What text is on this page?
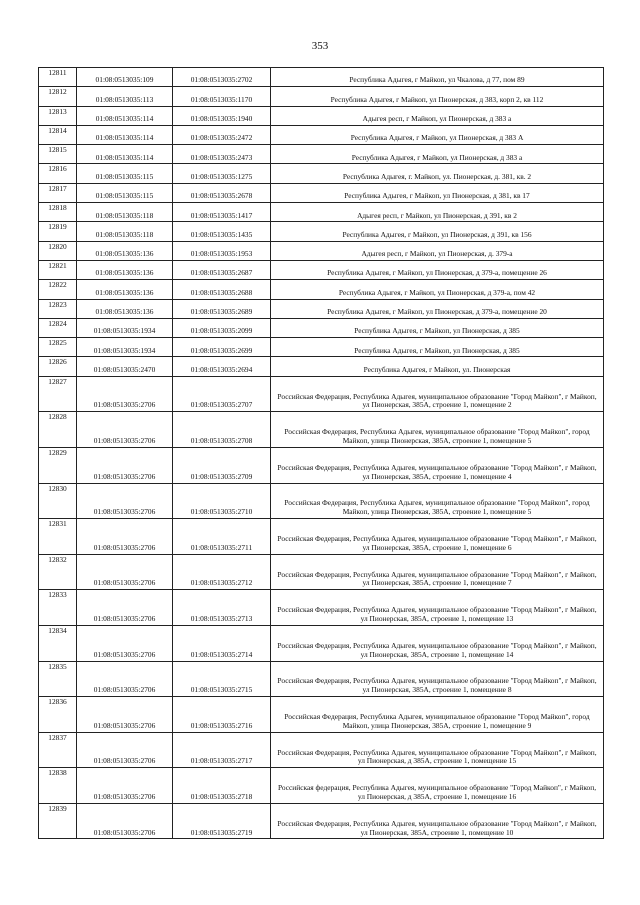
353
12811	01:08:0513035:109	01:08:0513035:2702	Республика Адыгея, г Майкоп, ул Чкалова, д 77, пом 89
12812	01:08:0513035:113	01:08:0513035:1170	Республика Адыгея, г Майкоп, ул Пионерская, д 383, корп 2, кв 112
12813	01:08:0513035:114	01:08:0513035:1940	Адыгея респ, г Майкоп, ул Пионерская, д 383 а
12814	01:08:0513035:114	01:08:0513035:2472	Республика Адыгея, г Майкоп, ул Пионерская, д 383 А
12815	01:08:0513035:114	01:08:0513035:2473	Республика Адыгея, г Майкоп, ул Пионерская, д 383 а
12816	01:08:0513035:115	01:08:0513035:1275	Республика Адыгея, г. Майкоп, ул. Пионерская, д. 381, кв. 2
12817	01:08:0513035:115	01:08:0513035:2678	Республика Адыгея, г Майкоп, ул Пионерская, д 381, кв 17
12818	01:08:0513035:118	01:08:0513035:1417	Адыгея респ, г Майкоп, ул Пионерская, д 391, кв 2
12819	01:08:0513035:118	01:08:0513035:1435	Республика Адыгея, г Майкоп, ул Пионерская, д 391, кв 156
12820	01:08:0513035:136	01:08:0513035:1953	Адыгея респ, г Майкоп, ул Пионерская, д. 379-а
12821	01:08:0513035:136	01:08:0513035:2687	Республика Адыгея, г Майкоп, ул Пионерская, д 379-а, помещение 26
12822	01:08:0513035:136	01:08:0513035:2688	Республика Адыгея, г Майкоп, ул Пионерская, д 379-а, пом 42
12823	01:08:0513035:136	01:08:0513035:2689	Республика Адыгея, г Майкоп, ул Пионерская, д 379-а, помещение 20
12824	01:08:0513035:1934	01:08:0513035:2099	Республика Адыгея, г Майкоп, ул Пионерская, д 385
12825	01:08:0513035:1934	01:08:0513035:2699	Республика Адыгея, г Майкоп, ул Пионерская, д 385
12826	01:08:0513035:2470	01:08:0513035:2694	Республика Адыгея, г Майкоп, ул. Пионерская
12827	01:08:0513035:2706	01:08:0513035:2707	Российская Федерация, Республика Адыгея, муниципальное образование "Город Майкоп", г Майкоп, ул Пионерская, 385А, строение 1, помещение 2
12828	01:08:0513035:2706	01:08:0513035:2708	Российская Федерация, Республика Адыгея, муниципальное образование "Город Майкоп", город Майкоп, улица Пионерская, 385А, строение 1, помещение 5
12829	01:08:0513035:2706	01:08:0513035:2709	Российская Федерация, Республика Адыгея, муниципальное образование "Город Майкоп", г Майкоп, ул Пионерская, 385А, строение 1, помещение 4
12830	01:08:0513035:2706	01:08:0513035:2710	Российская Федерация, Республика Адыгея, муниципальное образование "Город Майкоп", город Майкоп, улица Пионерская, 385А, строение 1, помещение 5
12831	01:08:0513035:2706	01:08:0513035:2711	Российская Федерация, Республика Адыгея, муниципальное образование "Город Майкоп", г Майкоп, ул Пионерская, 385А, строение 1, помещение 6
12832	01:08:0513035:2706	01:08:0513035:2712	Российская Федерация, Республика Адыгея, муниципальное образование "Город Майкоп", г Майкоп, ул Пионерская, 385А, строение 1, помещение 7
12833	01:08:0513035:2706	01:08:0513035:2713	Российская Федерация, Республика Адыгея, муниципальное образование "Город Майкоп", г Майкоп, ул Пионерская, 385А, строение 1, помещение 13
12834	01:08:0513035:2706	01:08:0513035:2714	Российская Федерация, Республика Адыгея, муниципальное образование "Город Майкоп", г Майкоп, ул Пионерская, 385А, строение 1, помещение 14
12835	01:08:0513035:2706	01:08:0513035:2715	Российская Федерация, Республика Адыгея, муниципальное образование "Город Майкоп", г Майкоп, ул Пионерская, 385А, строение 1, помещение 8
12836	01:08:0513035:2706	01:08:0513035:2716	Российская Федерация, Республика Адыгея, муниципальное образование "Город Майкоп", город Майкоп, улица Пионерская, 385А, строение 1, помещение 9
12837	01:08:0513035:2706	01:08:0513035:2717	Российская Федерация, Республика Адыгея, муниципальное образование "Город Майкоп", г Майкоп, ул Пионерская, д 385А, строение 1, помещение 15
12838	01:08:0513035:2706	01:08:0513035:2718	Российская федерация, Республика Адыгея, муниципальное образование "Город Майкоп", г Майкоп, ул Пионерская, д 385А, строение 1, помещение 16
12839	01:08:0513035:2706	01:08:0513035:2719	Российская Федерация, Республика Адыгея, муниципальное образование "Город Майкоп", г Майкоп, ул Пионерская, 385А, строение 1, помещение 10
